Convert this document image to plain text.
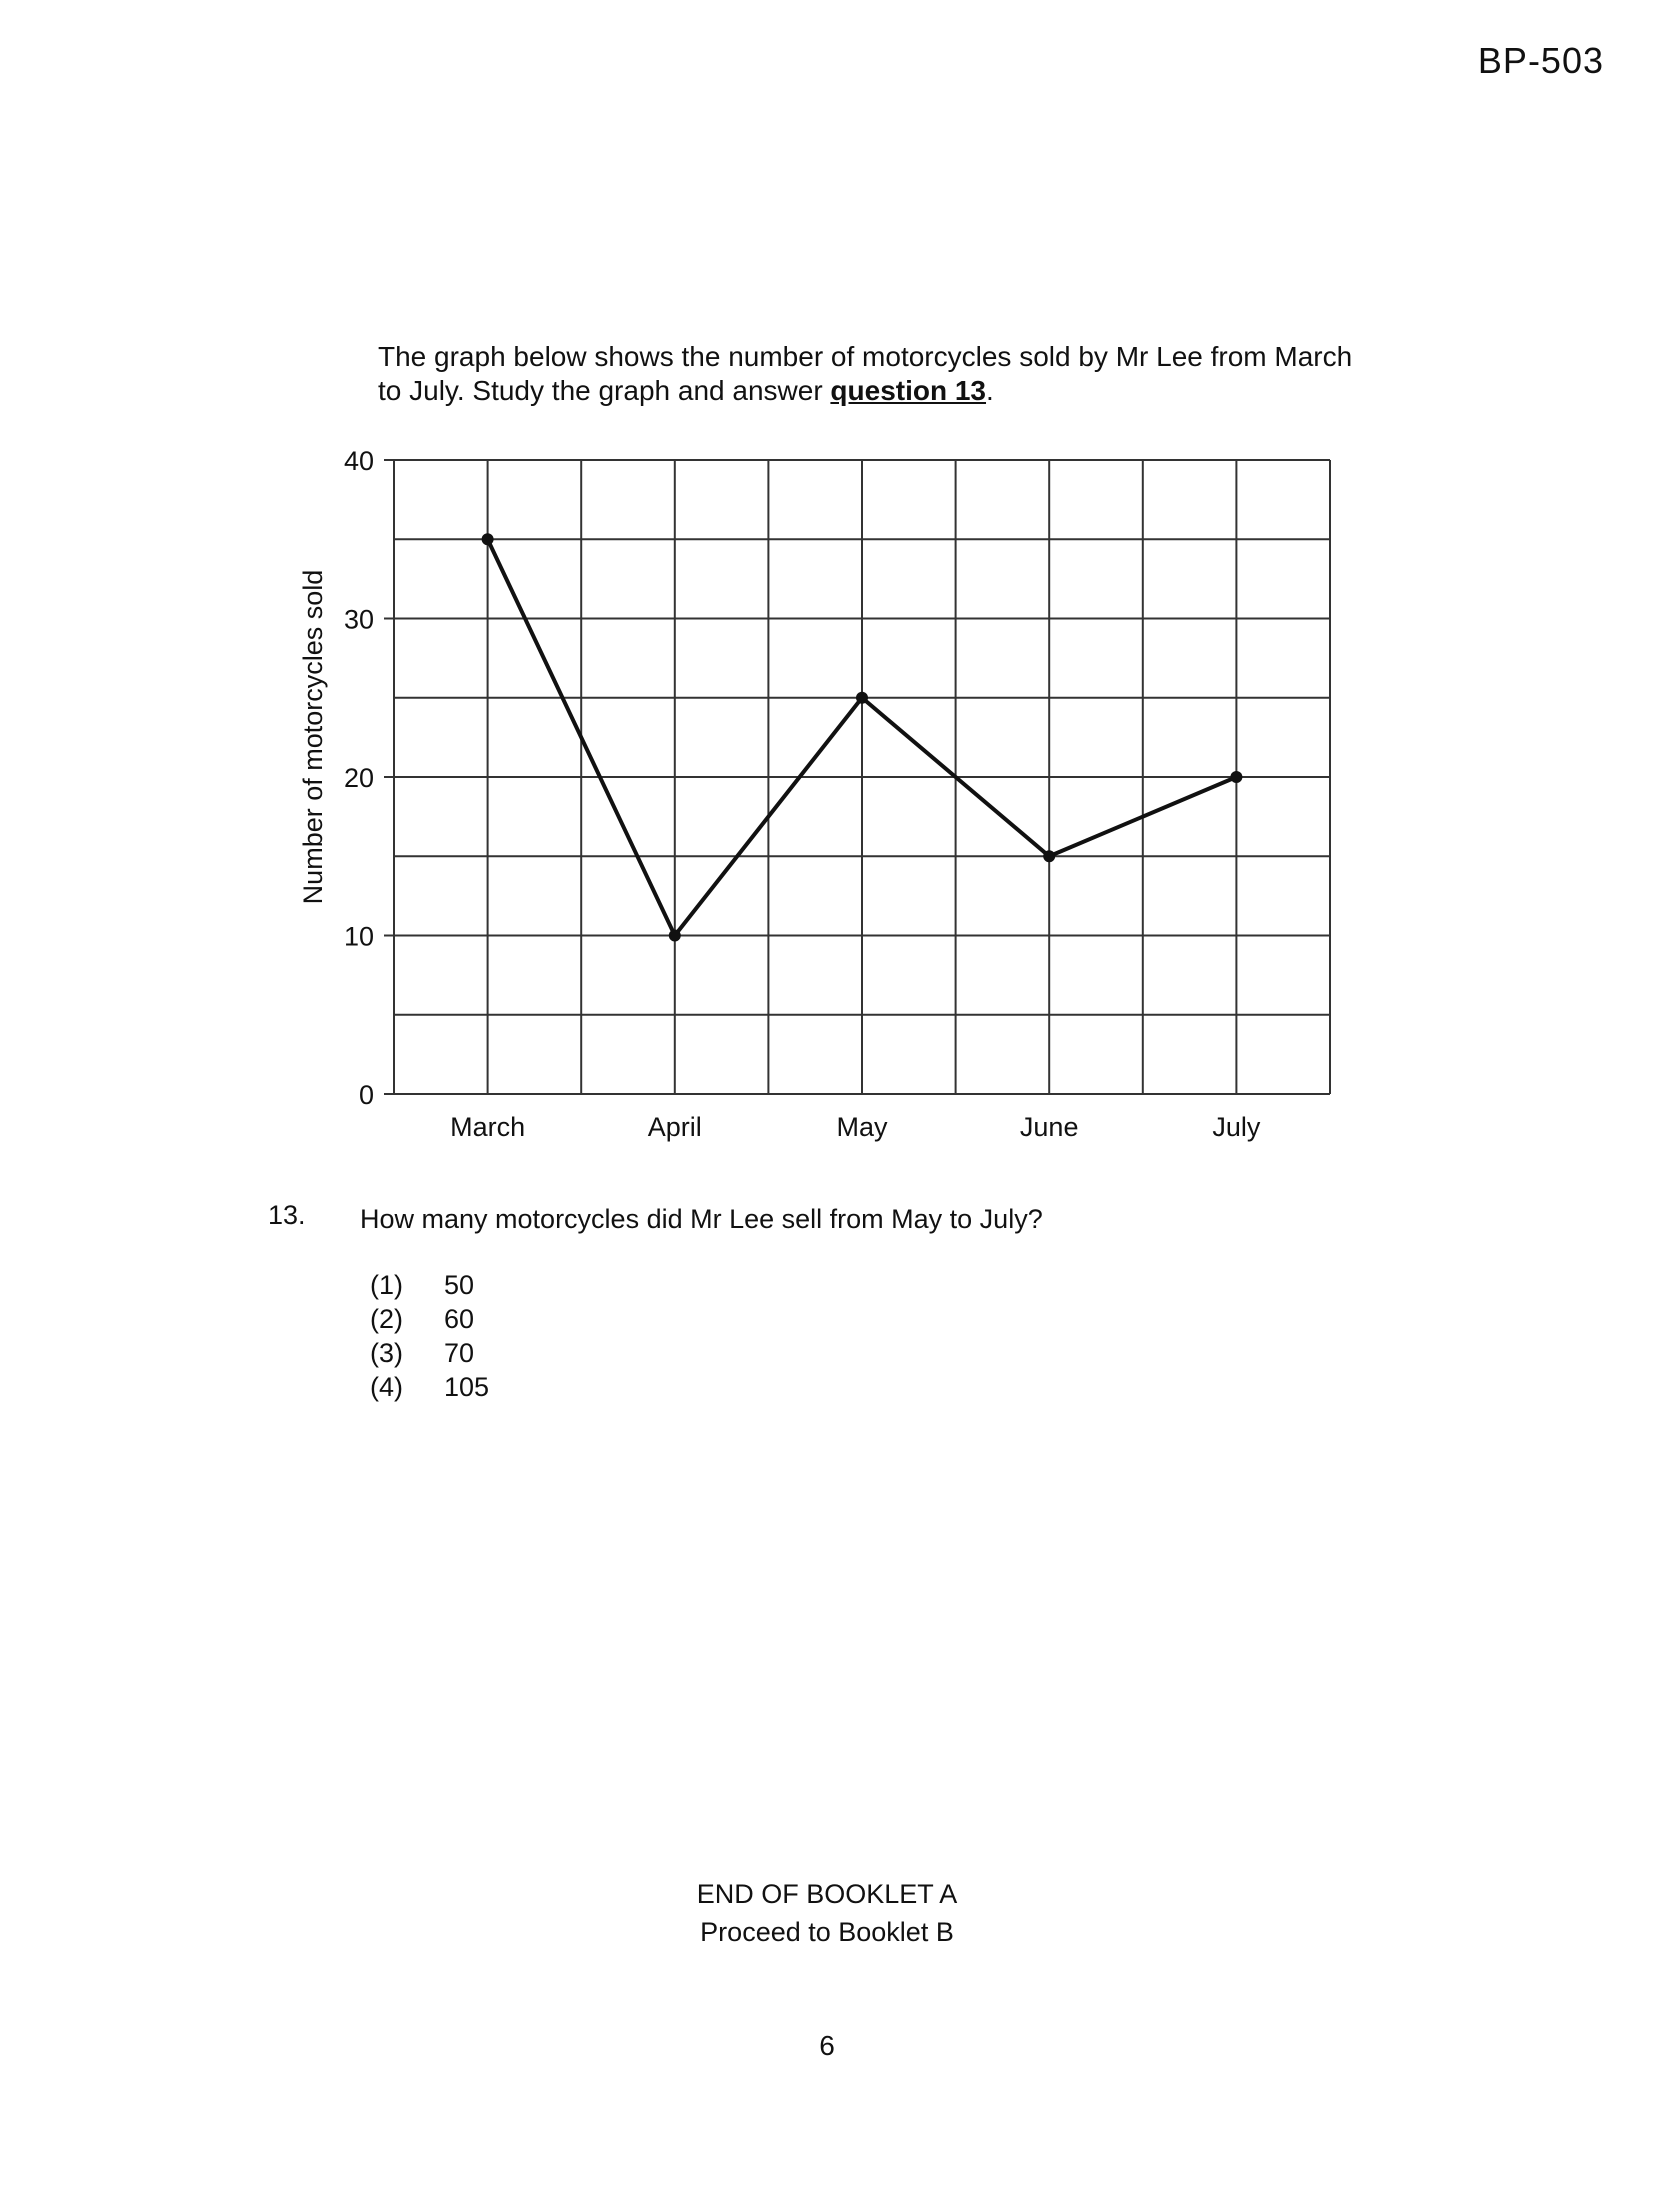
BP-503
The graph below shows the number of motorcycles sold by Mr Lee from March to July. Study the graph and answer question 13.
0
10
20
30
40
Number of motorcycles sold
March	April	May	June	July
13. How many motorcycles did Mr Lee sell from May to July?
(1)	50
(2)	60
(3)	70
(4)	105
END OF BOOKLET A
Proceed to Booklet B
6
